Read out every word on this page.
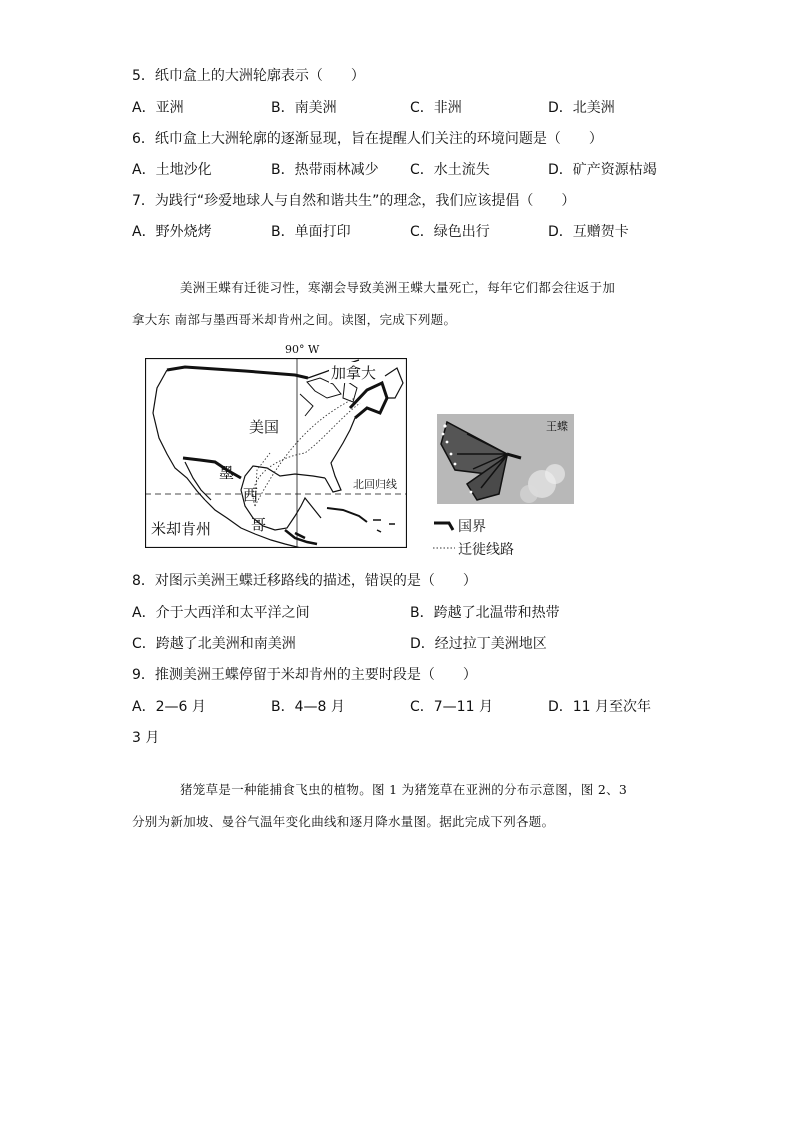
5．纸巾盒上的大洲轮廓表示（　　）
A．亚洲	B．南美洲	C．非洲	D．北美洲
6．纸巾盒上大洲轮廓的逐渐显现，旨在提醒人们关注的环境问题是（　　）
A．土地沙化	B．热带雨林减少 C．水土流失	D．矿产资源枯竭
7．为践行“珍爱地球人与自然和谐共生”的理念，我们应该提倡（　　）
A．野外烧烤	B．单面打印	C．绿色出行	D．互赠贺卡
美洲王蝶有迁徙习性，寒潮会导致美洲王蝶大量死亡，每年它们都会往返于加
拿大东 南部与墨西哥米却肯州之间。读图，完成下列题。
90° W
加拿大
美国
墨
西
哥
北回归线
米却肯州
王蝶
国界
迁徙线路
8．对图示美洲王蝶迁移路线的描述，错误的是（　　）
A．介于大西洋和太平洋之间	B．跨越了北温带和热带
C．跨越了北美洲和南美洲	D．经过拉丁美洲地区
9．推测美洲王蝶停留于米却肯州的主要时段是（　　）
A．2—6 月	B．4—8 月	C．7—11 月	D．11 月至次年
3 月
猪笼草是一种能捕食飞虫的植物。图 1 为猪笼草在亚洲的分布示意图，图 2、3
分别为新加坡、曼谷气温年变化曲线和逐月降水量图。据此完成下列各题。
